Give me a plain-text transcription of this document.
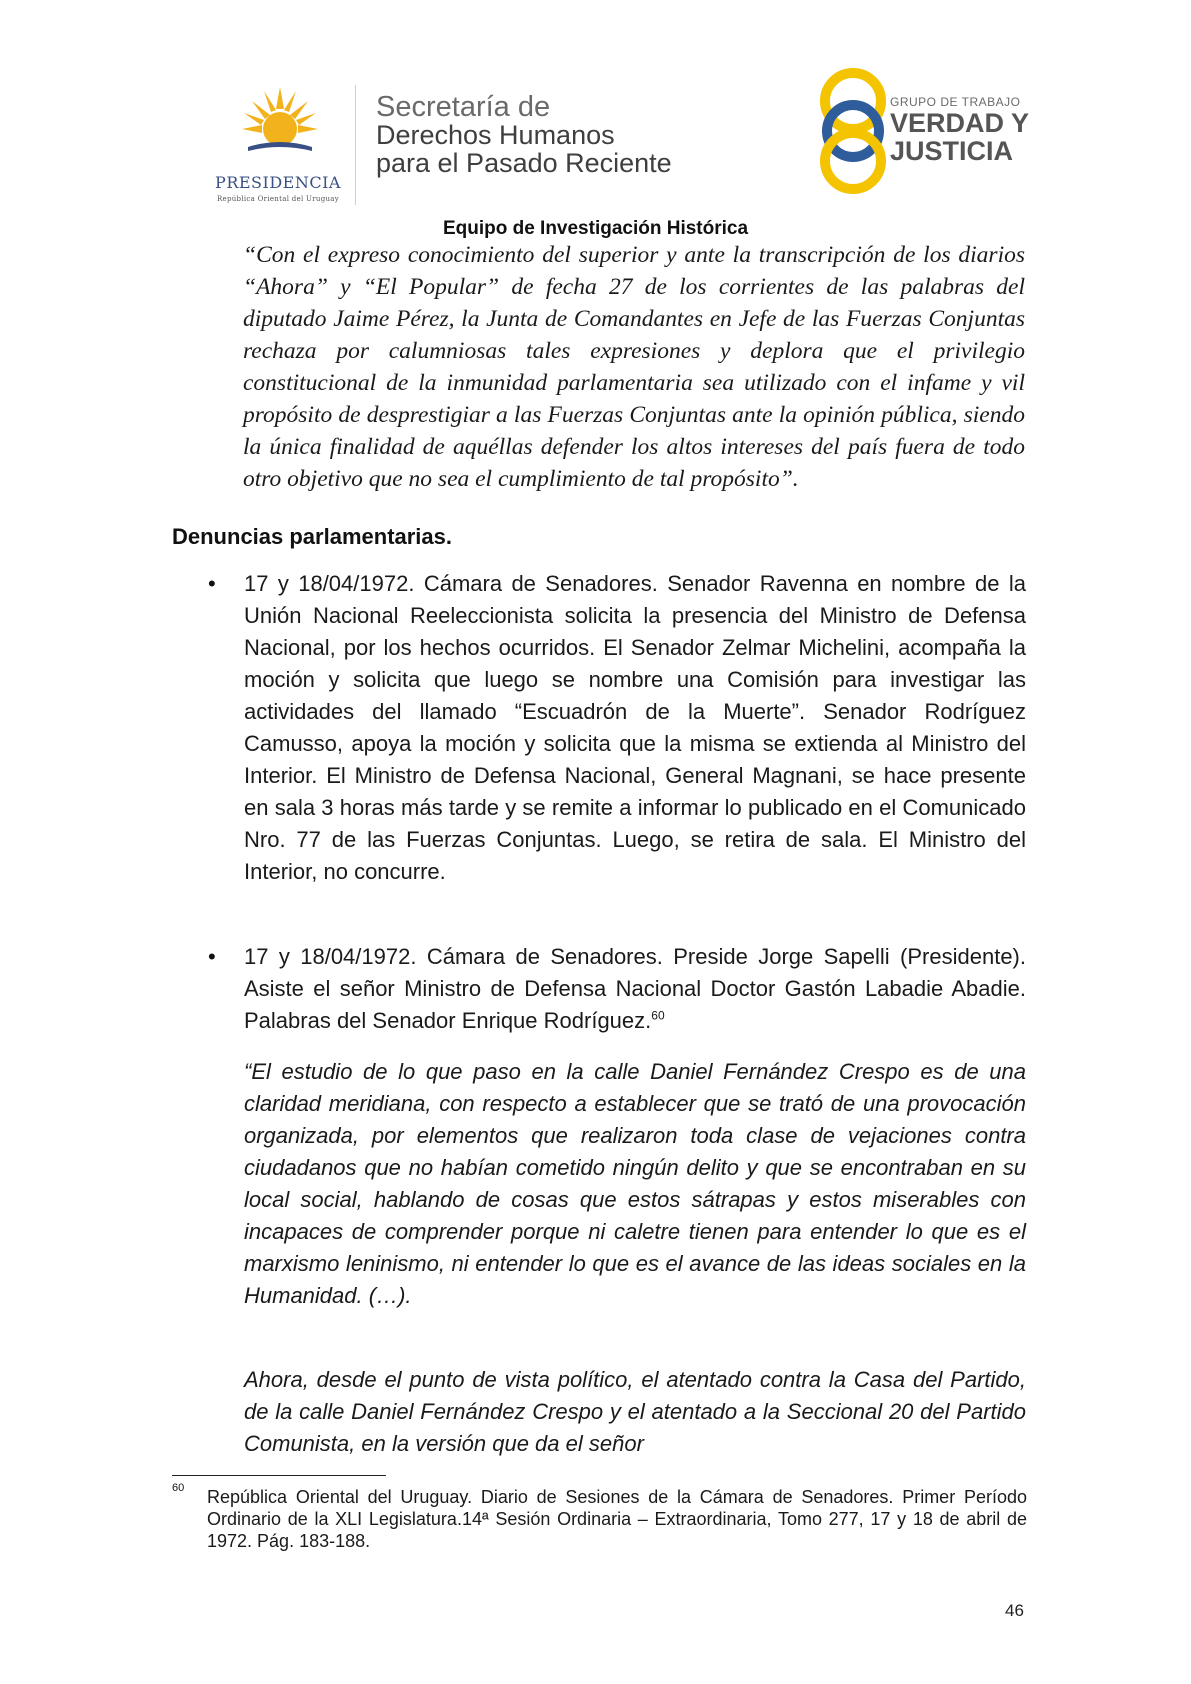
PRESIDENCIA
República Oriental del Uruguay
Secretaría de
Derechos Humanos
para el Pasado Reciente
GRUPO DE TRABAJO
VERDAD Y
JUSTICIA
Equipo de Investigación Histórica

“Con el expreso conocimiento del superior y ante la transcripción de los diarios “Ahora” y “El Popular” de fecha 27 de los corrientes de las palabras del diputado Jaime Pérez, la Junta de Comandantes en Jefe de las Fuerzas Conjuntas rechaza por calumniosas tales expresiones y deplora que el privilegio constitucional de la inmunidad parlamentaria sea utilizado con el infame y vil propósito de desprestigiar a las Fuerzas Conjuntas ante la opinión pública, siendo la única finalidad de aquéllas defender los altos intereses del país fuera de todo otro objetivo que no sea el cumplimiento de tal propósito”.

Denuncias parlamentarias.
• 17 y 18/04/1972. Cámara de Senadores. Senador Ravenna en nombre de la Unión Nacional Reeleccionista solicita la presencia del Ministro de Defensa Nacional, por los hechos ocurridos. El Senador Zelmar Michelini, acompaña la moción y solicita que luego se nombre una Comisión para investigar las actividades del llamado “Escuadrón de la Muerte”. Senador Rodríguez Camusso, apoya la moción y solicita que la misma se extienda al Ministro del Interior. El Ministro de Defensa Nacional, General Magnani, se hace presente en sala 3 horas más tarde y se remite a informar lo publicado en el Comunicado Nro. 77 de las Fuerzas Conjuntas. Luego, se retira de sala. El Ministro del Interior, no concurre.

• 17 y 18/04/1972. Cámara de Senadores. Preside Jorge Sapelli (Presidente). Asiste el señor Ministro de Defensa Nacional Doctor Gastón Labadie Abadie. Palabras del Senador Enrique Rodríguez.$^{60}$

“El estudio de lo que paso en la calle Daniel Fernández Crespo es de una claridad meridiana, con respecto a establecer que se trató de una provocación organizada, por elementos que realizaron toda clase de vejaciones contra ciudadanos que no habían cometido ningún delito y que se encontraban en su local social, hablando de cosas que estos sátrapas y estos miserables con incapaces de comprender porque ni caletre tienen para entender lo que es el marxismo leninismo, ni entender lo que es el avance de las ideas sociales en la Humanidad. (…).

Ahora, desde el punto de vista político, el atentado contra la Casa del Partido, de la calle Daniel Fernández Crespo y el atentado a la Seccional 20 del Partido Comunista, en la versión que da el señor

60 República Oriental del Uruguay. Diario de Sesiones de la Cámara de Senadores. Primer Período Ordinario de la XLI Legislatura.14ª Sesión Ordinaria – Extraordinaria, Tomo 277, 17 y 18 de abril de 1972. Pág. 183-188.

46
